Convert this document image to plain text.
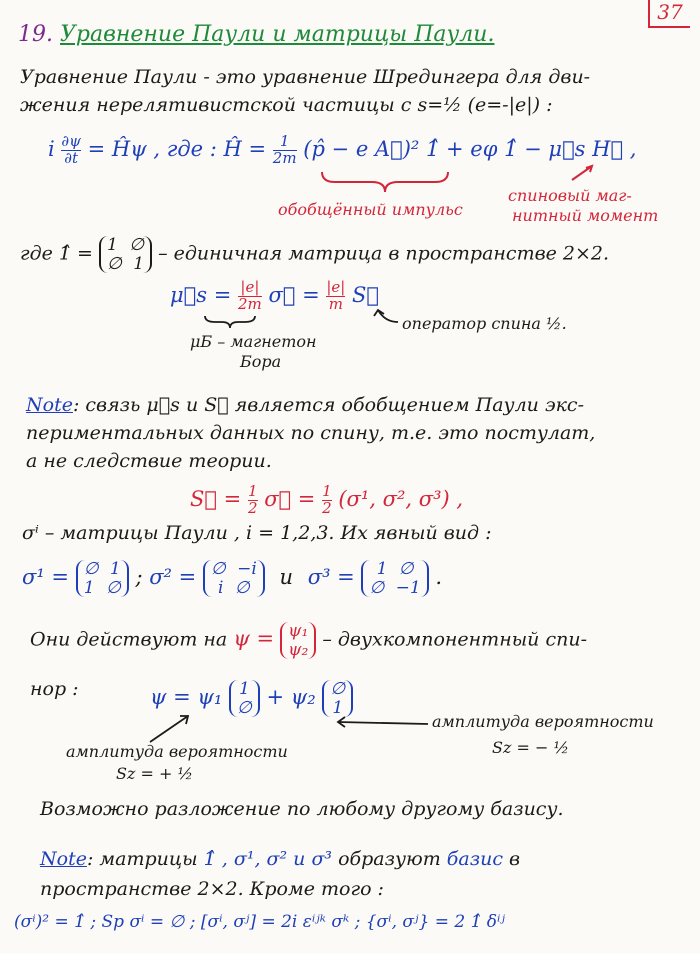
37
19. Уравнение Паули и матрицы Паули.
Уравнение Паули - это уравнение Шредингера для дви-
жения нерелятивистской частицы с s=½ (e=-|e|) :
i $\frac{\partial\psi}{\partial t}$ = Ĥψ , где : Ĥ = $\frac{1}{2m}$ (p̂ − e A⃗)² 1̂ + eφ 1̂ − μ⃗s H⃗ ,
обобщённый импульс
спиновый маг-
нитный момент
где 1̂ = 1 ∅
∅ 1 – единичная матрица в пространстве 2×2.
μ⃗s = $\frac{|e|}{2m}$ σ⃗ = $\frac{|e|}{m}$ S⃗
μБ – магнетон
Бора
оператор спина ½.
Note: связь μ⃗s и S⃗ является обобщением Паули экс-
периментальных данных по спину, т.е. это постулат,
а не следствие теории.
S⃗ = $\frac{1}{2}$ σ⃗ = $\frac{1}{2} (\sigma^1$, σ², σ³) ,
σⁱ – матрицы Паули , i = 1,2,3. Их явный вид :
σ¹ = ∅ 1
1 ∅ ; σ² = ∅ −i
i ∅	и σ³ =	1 ∅
∅ −1 .
Они действуют на ψ = ψ₁
ψ₂ – двухкомпонентный спи-
нор :	ψ = ψ₁ 1
∅ + ψ₂ ∅
1
амплитуда вероятности
Sz = + ½
амплитуда вероятности
Sz = − ½
Возможно разложение по любому другому базису.
Note: матрицы 1̂ , σ¹, σ² и σ³ образуют базис в
пространстве 2×2. Кроме того :
(σⁱ)² = 1̂ ; Sp σⁱ = ∅ ; [σⁱ, σʲ] = 2i εⁱʲᵏ σᵏ ; {σⁱ, σʲ} = 2 1̂ δⁱʲ
